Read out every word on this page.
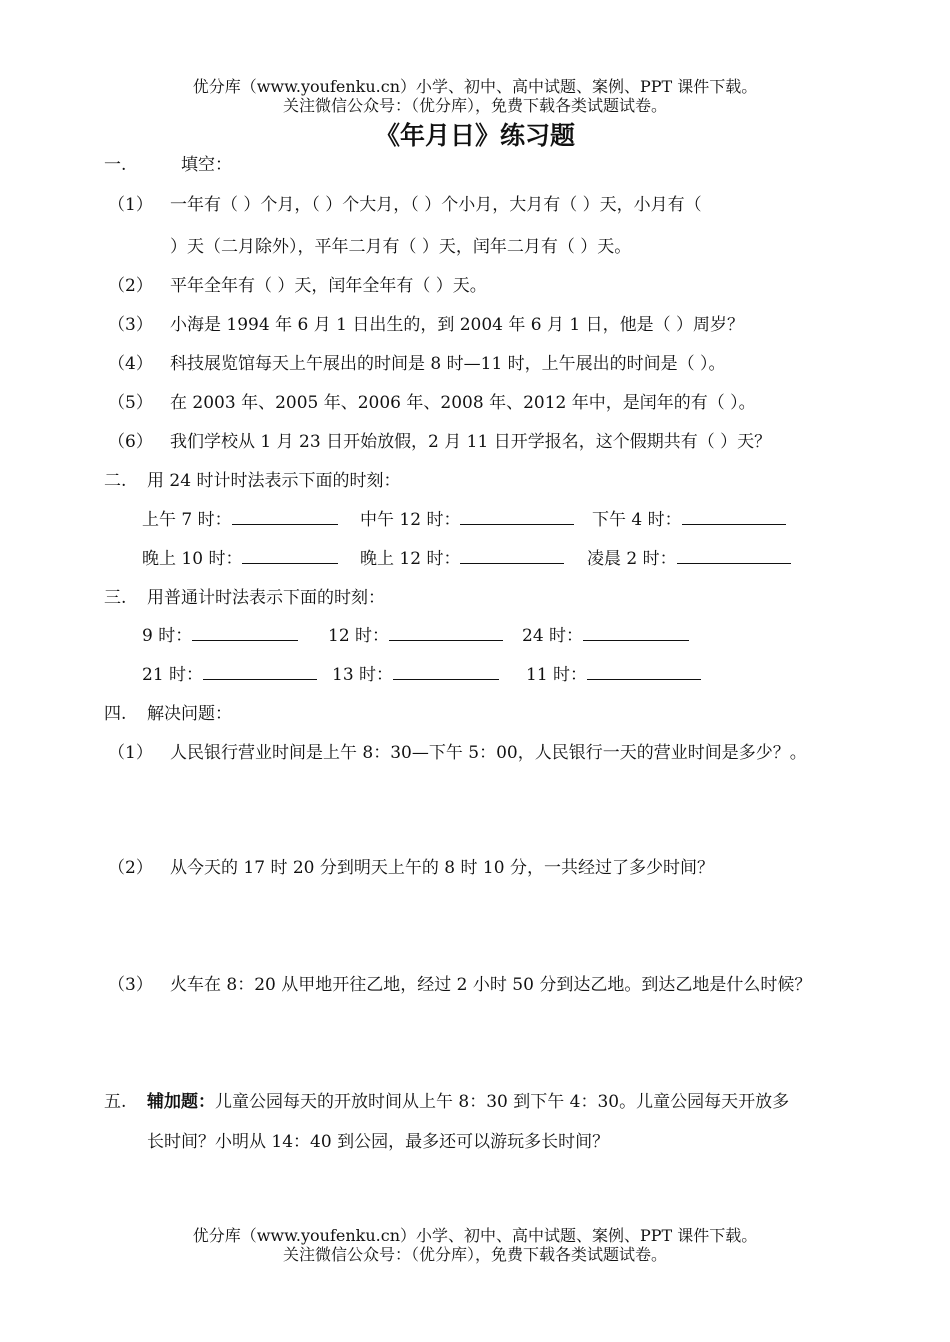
优分库（www.youfenku.cn）小学、初中、高中试题、案例、PPT 课件下载。
关注微信公众号：（优分库），免费下载各类试题试卷。
《年月日》练习题
一.	填空：
（1） 一年有（ ）个月，（ ）个大月，（ ）个小月，大月有（ ）天，小月有（
）天（二月除外），平年二月有（ ）天，闰年二月有（ ）天。
（2） 平年全年有（ ）天，闰年全年有（ ）天。
（3） 小海是 1994 年 6 月 1 日出生的，到 2004 年 6 月 1 日，他是（ ）周岁？
（4） 科技展览馆每天上午展出的时间是 8 时—11 时，上午展出的时间是（ ）。
（5） 在 2003 年、2005 年、2006 年、2008 年、2012 年中，是闰年的有（ ）。
（6） 我们学校从 1 月 23 日开始放假，2 月 11 日开学报名，这个假期共有（ ）天？
二. 用 24 时计时法表示下面的时刻：
上午 7 时：	中午 12 时：	下午 4 时：
晚上 10 时：	晚上 12 时：	凌晨 2 时：
三. 用普通计时法表示下面的时刻：
9 时：	12 时：	24 时：
21 时：	13 时：	11 时：
四. 解决问题：
（1） 人民银行营业时间是上午 8：30—下午 5：00，人民银行一天的营业时间是多少？。
（2） 从今天的 17 时 20 分到明天上午的 8 时 10 分，一共经过了多少时间？
（3） 火车在 8：20 从甲地开往乙地，经过 2 小时 50 分到达乙地。到达乙地是什么时候？
五. 辅加题：儿童公园每天的开放时间从上午 8：30 到下午 4：30。儿童公园每天开放多
长时间？小明从 14：40 到公园，最多还可以游玩多长时间？
优分库（www.youfenku.cn）小学、初中、高中试题、案例、PPT 课件下载。
关注微信公众号：（优分库），免费下载各类试题试卷。
